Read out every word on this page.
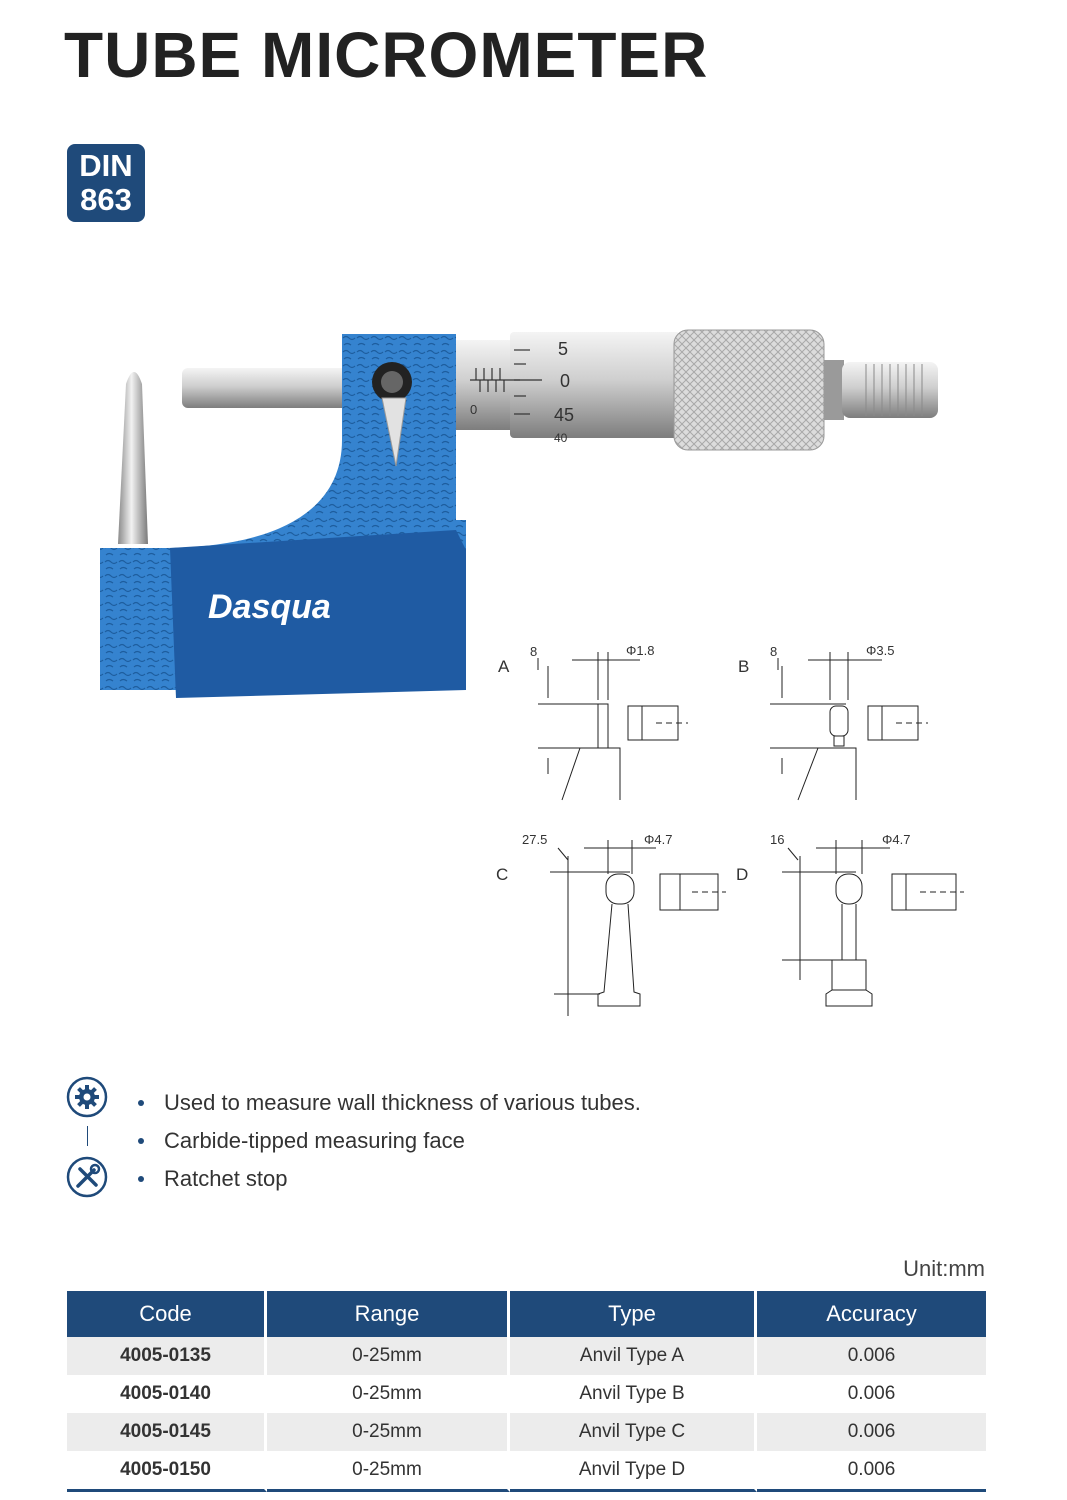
TUBE MICROMETER
DIN
863
Dasqua
5
0
45
40
0
A
8	Φ1.8
B
8	Φ3.5
C
27.5	Φ4.7
D
16	Φ4.7
Used to measure wall thickness of various tubes.
Carbide-tipped measuring face
Ratchet stop
Unit:mm
Code	Range	Type	Accuracy
4005-0135	0-25mm	Anvil Type A	0.006
4005-0140	0-25mm	Anvil Type B	0.006
4005-0145	0-25mm	Anvil Type C	0.006
4005-0150	0-25mm	Anvil Type D	0.006
